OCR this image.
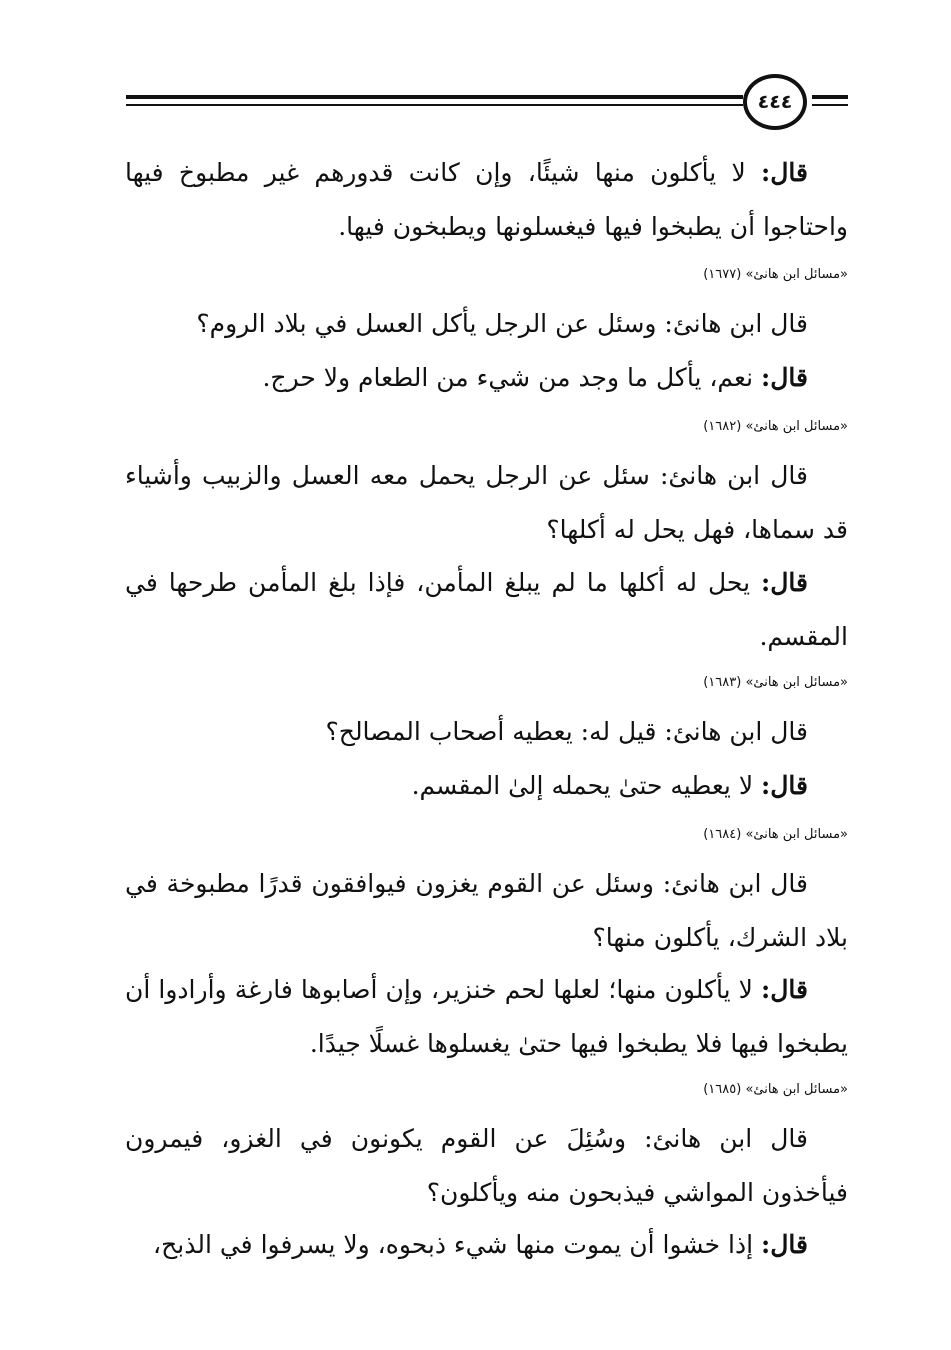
٤٤٤

قال: لا يأكلون منها شيئًا، وإن كانت قدورهم غير مطبوخ فيها واحتاجوا أن يطبخوا فيها فيغسلونها ويطبخون فيها.

«مسائل ابن هانئ» (١٦٧٧)

قال ابن هانئ: وسئل عن الرجل يأكل العسل في بلاد الروم؟

قال: نعم، يأكل ما وجد من شيء من الطعام ولا حرج.

«مسائل ابن هانئ» (١٦٨٢)

قال ابن هانئ: سئل عن الرجل يحمل معه العسل والزبيب وأشياء قد سماها، فهل يحل له أكلها؟

قال: يحل له أكلها ما لم يبلغ المأمن، فإذا بلغ المأمن طرحها في المقسم.

«مسائل ابن هانئ» (١٦٨٣)

قال ابن هانئ: قيل له: يعطيه أصحاب المصالح؟

قال: لا يعطيه حتىٰ يحمله إلىٰ المقسم.

«مسائل ابن هانئ» (١٦٨٤)

قال ابن هانئ: وسئل عن القوم يغزون فيوافقون قدرًا مطبوخة في بلاد الشرك، يأكلون منها؟

قال: لا يأكلون منها؛ لعلها لحم خنزير، وإن أصابوها فارغة وأرادوا أن يطبخوا فيها فلا يطبخوا فيها حتىٰ يغسلوها غسلًا جيدًا.

«مسائل ابن هانئ» (١٦٨٥)

قال ابن هانئ: وسُئِلَ عن القوم يكونون في الغزو، فيمرون فيأخذون المواشي فيذبحون منه ويأكلون؟

قال: إذا خشوا أن يموت منها شيء ذبحوه، ولا يسرفوا في الذبح،
